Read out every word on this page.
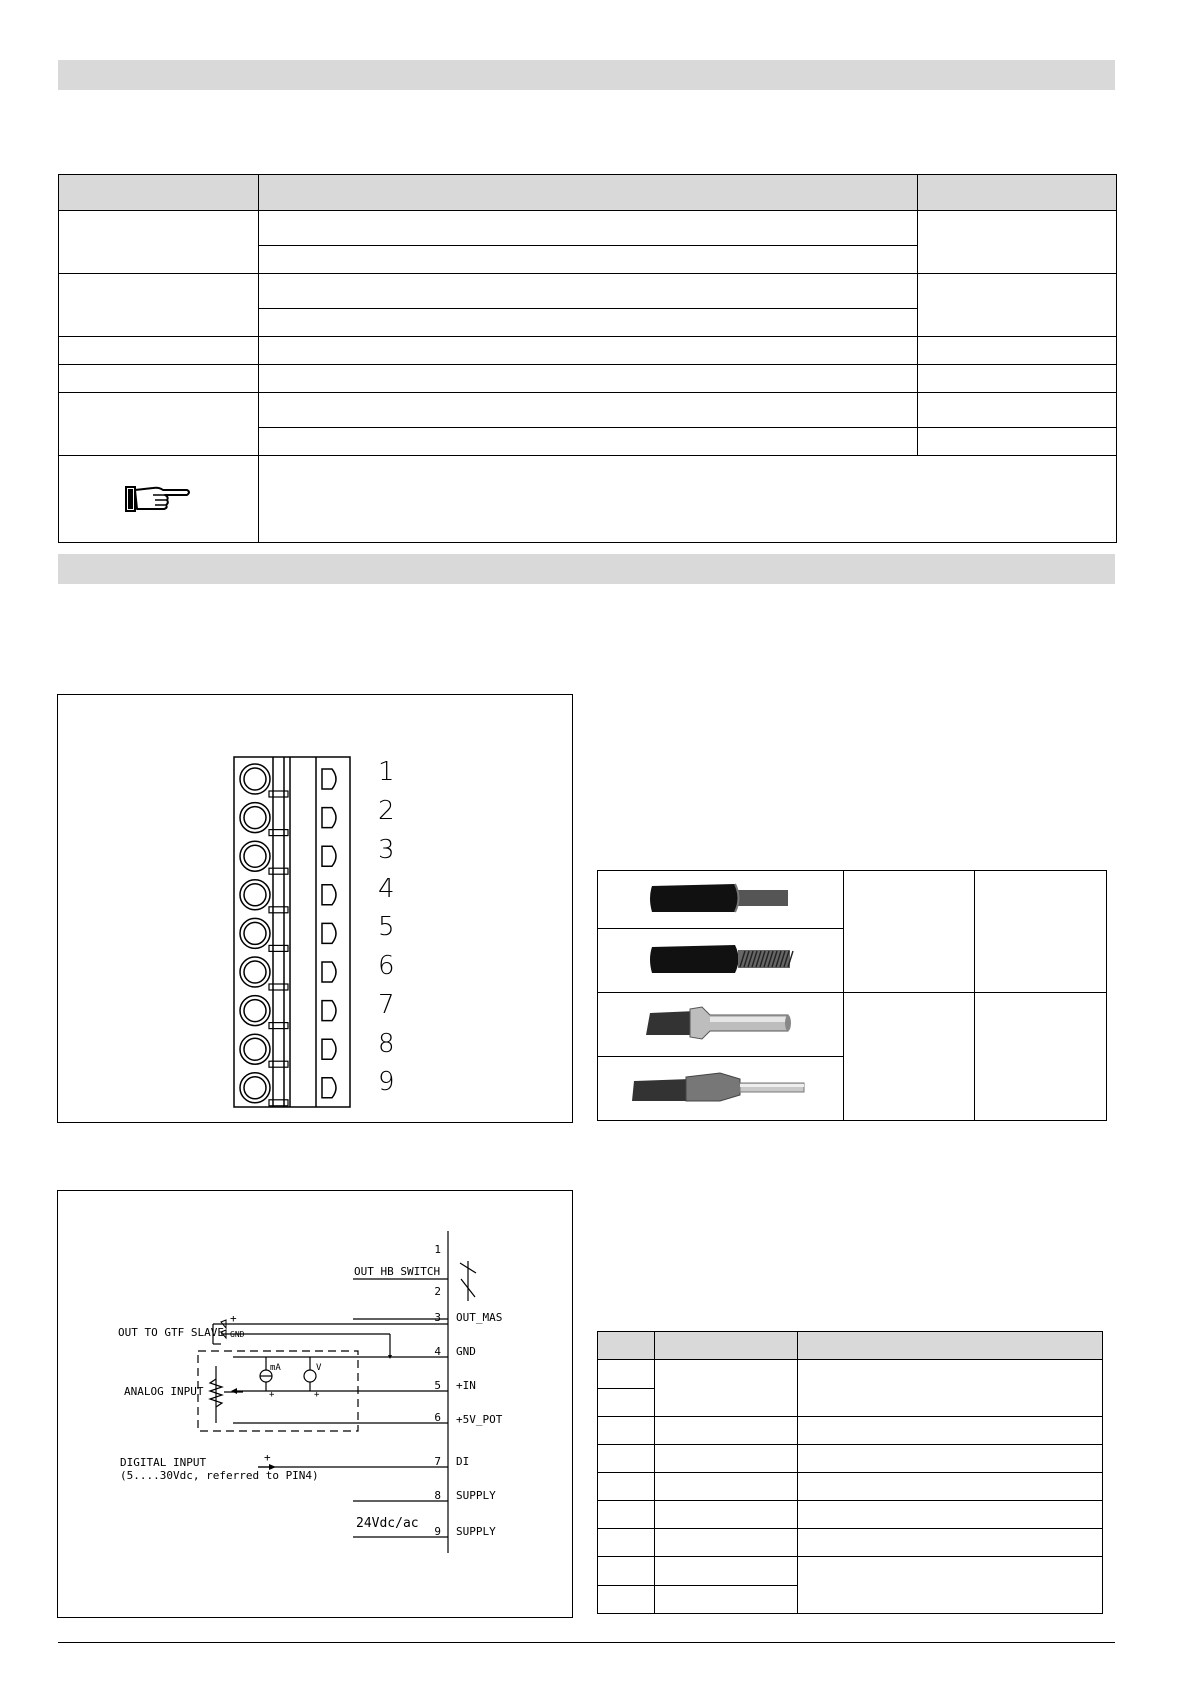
1
2
3
4
5
6
7
8
9

1
2
3
4
5
6
7
8
9
OUT_MAS
GND
+IN
+5V_POT
DI
SUPPLY
SUPPLY
OUT HB SWITCH
OUT TO GTF SLAVE
+
GND
ANALOG INPUT
mA
+
V
+
DIGITAL INPUT
(5....30Vdc, referred to PIN4)
+
24Vdc/ac
